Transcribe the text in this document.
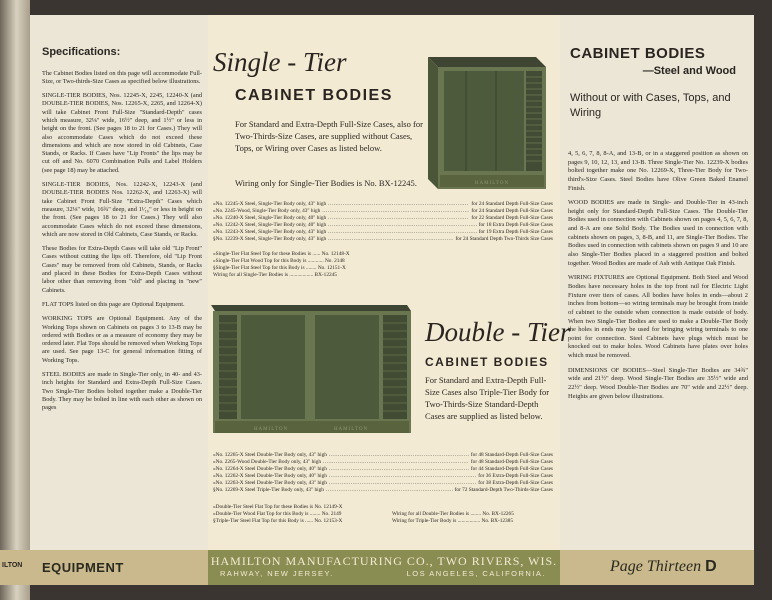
Specifications:

The Cabinet Bodies listed on this page will accommodate Full-Size, or Two-thirds-Size Cases as specified below illustrations.

SINGLE-TIER BODIES, Nos. 12245-X, 2245, 12240-X (and DOUBLE-TIER BODIES, Nos. 12265-X, 2265, and 12264-X) will take Cabinet Front Full-Size "Standard-Depth" cases which measure, 32⅛" wide, 16½" deep, and 1½" or less in height on the front. (See pages 18 to 21 for Cases.) They will also accommodate Cases which do not exceed these dimensions and which are now stored in old Cabinets, Case Stands, or Racks. If Cases have "Lip Fronts" the lips may be cut off and No. 6070 Combination Pulls and Label Holders (see page 18) may be attached.

SINGLE-TIER BODIES, Nos. 12242-X, 12243-X (and DOUBLE-TIER BODIES Nos. 12262-X, and 12263-X) will take Cabinet Front Full-Size "Extra-Depth" Cases which measure, 32⅛" wide, 16¾" deep, and 1¹⁄₁₆" or less in height on the front. (See pages 18 to 21 for Cases.) They will also accommodate Cases which do not exceed these dimensions, which are now stored in Old Cabinets, Case Stands, or Racks.

These Bodies for Extra-Depth Cases will take old "Lip Front" Cases without cutting the lips off. Therefore, old "Lip Front Cases" may be removed from old Cabinets, Stands, or Racks and placed in these Bodies for Extra-Depth Cases without labor other than removing from "old" and placing in "new" Cabinets.

FLAT TOPS listed on this page are Optional Equipment.

WORKING TOPS are Optional Equipment. Any of the Working Tops shown on Cabinets on pages 3 to 13-B may be ordered with Bodies or as a measure of economy they may be ordered later. Flat Tops should be removed when Working Tops are used. See page 13-C for general information fitting of Working Tops.

STEEL BODIES are made in Single-Tier only, in 40- and 43-inch heights for Standard and Extra-Depth Full-Size Cases. Two Single-Tier Bodies bolted together make a Double-Tier Body. They may be bolted in line with each other as shown on pages

Single - Tier
CABINET BODIES
For Standard and Extra-Depth Full-Size Cases, also for Two-Thirds-Size Cases, are supplied without Cases, Tops, or Wiring over Cases as listed below.
Wiring only for Single-Tier Bodies is No. BX-12245.	HAMILTON
«No. 12245-X Steel, Single-Tier Body only, 43" high .....	for 24 Standard Depth Full-Size Cases
»No. 2245-Wood, Single-Tier Body only, 43" high .....	for 24 Standard Depth Full-Size Cases
«No. 12240-X Steel, Single-Tier Body only, 40" high .....	for 22 Standard Depth Full-Size Cases
«No. 12242-X Steel, Single-Tier Body only, 40" high .....	for 18 Extra Depth Full-Size Cases
«No. 12243-X Steel, Single-Tier Body only, 43" high .....	for 19 Extra Depth Full-Size Cases
§No. 12239-X Steel, Single-Tier Body only, 43" high .....	for 24 Standard Depth Two-Thirds Size Cases
«Single-Tier Flat Steel Top for these Bodies is ...... No. 12148-X
»Single-Tier Flat Wood Top for this Body is ............ No. 2148
§Single-Tier Flat Steel Top for this Body is ........ No. 12151-X
Wiring for all Single-Tier Bodies is .................. BX-12245
HAMILTON	HAMILTON
Double - Tier
CABINET BODIES
For Standard and Extra-Depth Full-Size Cases also Triple-Tier Body for Two-Thirds-Size Standard-Depth Cases are supplied as listed below.
«No. 12265-X Steel Double-Tier Body only, 43" high .....	for 48 Standard-Depth Full-Size Cases
»No. 2265-Wood Double-Tier Body only, 43" high .....	for 48 Standard-Depth Full-Size Cases
«No. 12264-X Steel Double-Tier Body only, 40" high .....	for 44 Standard-Depth Full-Size Cases
«No. 12262-X Steel Double-Tier Body only, 40" high .....	for 36 Extra-Depth Full-Size Cases
«No. 12263-X Steel Double-Tier Body only, 43" high .....	for 38 Extra-Depth Full-Size Cases
§No. 12269-X Steel Triple-Tier Body only, 43" high .....	for 72 Standard-Depth Two-Thirds-Size Cases
«Double-Tier Steel Flat Top for these Bodies is No. 12149-X
»Double-Tier Wood Flat Top for this Body is ........ No. 2149
§Triple-Tier Steel Flat Top for this Body is ...... No. 12153-X
Wiring for all Double-Tier Bodies is ........ No. BX-12265
Wiring for Triple-Tier Body is ................. No. BX-12385
CABINET BODIES
—Steel and Wood
Without or with Cases, Tops, and Wiring

4, 5, 6, 7, 8, 8-A, and 13-B, or in a staggered position as shown on pages 9, 10, 12, 13, and 13-B. Three Single-Tier No. 12239-X bodies bolted together make one No. 12269-X, Three-Tier Body for Two-third's-Size Cases. Steel Bodies have Olive Green Baked Enamel Finish.

WOOD BODIES are made in Single- and Double-Tier in 43-inch height only for Standard-Depth Full-Size Cases. The Double-Tier Bodies used in connection with Cabinets shown on pages 4, 5, 6, 7, 8, and 8-A are one Solid Body. The Bodies used in connection with cabinets shown on pages, 3, 8-B, and 11, are Single-Tier Bodies. The Bodies used in connection with cabinets shown on pages 9 and 10 are also Single-Tier Bodies placed in a staggered position and bolted together. Wood Bodies are made of Ash with Antique Oak Finish.

WIRING FIXTURES are Optional Equipment. Both Steel and Wood Bodies have necessary holes in the top front rail for Electric Light Fixture over tiers of cases. All bodies have holes in ends—about 2 inches from bottom—so wiring terminals may be brought from inside of cabinet to the outside when connection is made outside of body. When two Single-Tier Bodies are used to make a Double-Tier Body the holes in ends may be used for bringing wiring terminals to one point for connection. Steel Cabinets have plugs which must be knocked out to make holes. Wood Cabinets have plates over holes which must be removed.

DIMENSIONS OF BODIES—Steel Single-Tier Bodies are 34¾" wide and 21½" deep. Wood Single-Tier Bodies are 35½" wide and 22½" deep. Wood Double-Tier Bodies are 70" wide and 22½" deep. Heights are given below illustrations.

EQUIPMENT	HAMILTON MANUFACTURING CO., TWO RIVERS, WIS.
RAHWAY, NEW JERSEY.	LOS ANGELES, CALIFORNIA.	Page Thirteen D
ILTON
